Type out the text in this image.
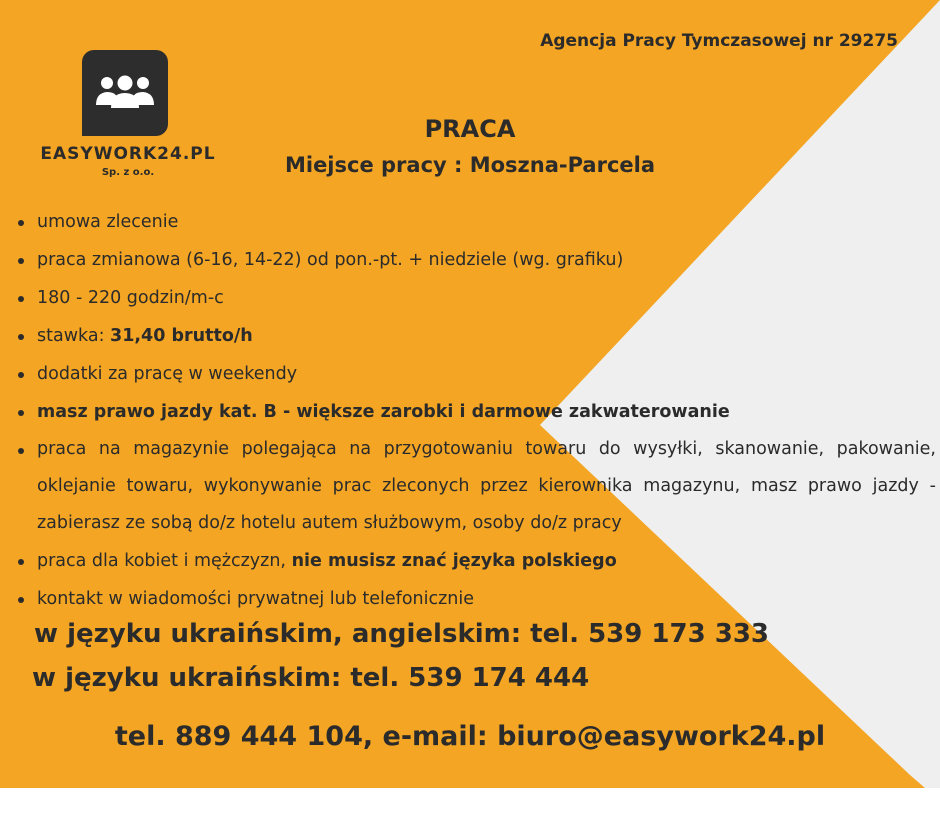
Agencja Pracy Tymczasowej nr 29275
EASYWORK24.PL
Sp. z o.o.
PRACA
Miejsce pracy : Moszna-Parcela
umowa zlecenie
praca zmianowa (6-16, 14-22) od pon.-pt. + niedziele (wg. grafiku)
180 - 220 godzin/m-c
stawka: 31,40 brutto/h
dodatki za pracę w weekendy
masz prawo jazdy kat. B - większe zarobki i darmowe zakwaterowanie
praca na magazynie polegająca na przygotowaniu towaru do wysyłki, skanowanie, pakowanie, oklejanie towaru, wykonywanie prac zleconych przez kierownika magazynu, masz prawo jazdy - zabierasz ze sobą do/z hotelu autem służbowym, osoby do/z pracy
praca dla kobiet i mężczyzn, nie musisz znać języka polskiego
kontakt w wiadomości prywatnej lub telefonicznie
w języku ukraińskim, angielskim: tel. 539 173 333
w języku ukraińskim: tel. 539 174 444
tel. 889 444 104, e-mail: biuro@easywork24.pl
